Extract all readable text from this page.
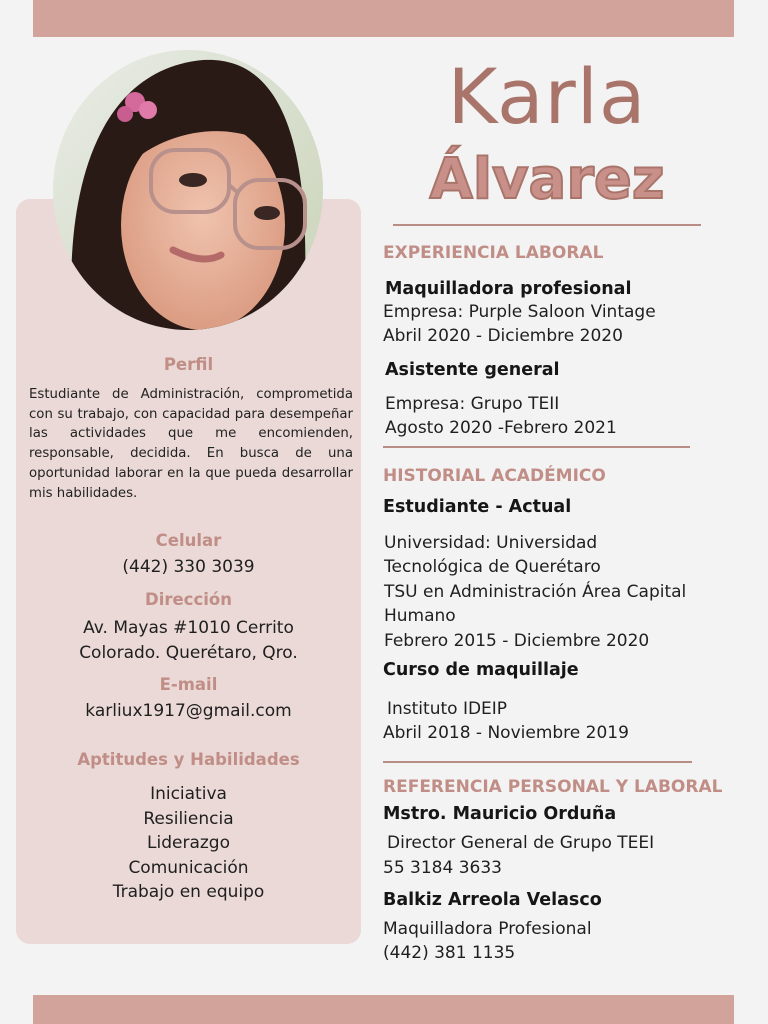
Perfil
Estudiante de Administración, comprometida con su trabajo, con capacidad para desempeñar las actividades que me encomienden, responsable, decidida. En busca de una oportunidad laborar en la que pueda desarrollar mis habilidades.
Celular
(442) 330 3039
Dirección
Av. Mayas #1010 Cerrito
Colorado. Querétaro, Qro.
E-mail
karliux1917@gmail.com
Aptitudes y Habilidades
Iniciativa
Resiliencia
Liderazgo
Comunicación
Trabajo en equipo
Karla
Álvarez
EXPERIENCIA LABORAL
Maquilladora profesional
Empresa: Purple Saloon Vintage
Abril 2020 - Diciembre 2020
Asistente general
Empresa: Grupo TEII
Agosto 2020 -Febrero 2021
HISTORIAL ACADÉMICO
Estudiante - Actual
Universidad: Universidad
Tecnológica de Querétaro
TSU en Administración Área Capital
Humano
Febrero 2015 - Diciembre 2020
Curso de maquillaje
Instituto IDEIP
Abril 2018 - Noviembre 2019
REFERENCIA PERSONAL Y LABORAL
Mstro. Mauricio Orduña
Director General de Grupo TEEI
55 3184 3633
Balkiz Arreola Velasco
Maquilladora Profesional
(442) 381 1135
